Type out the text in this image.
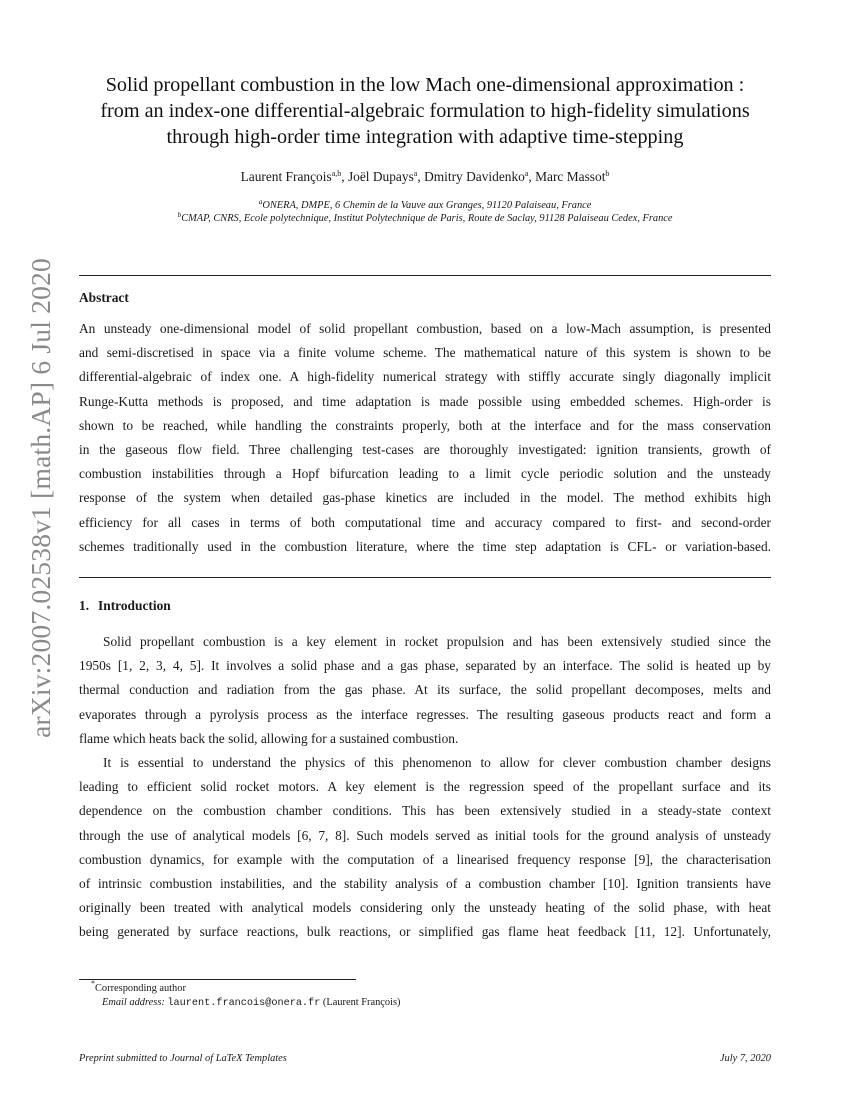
arXiv:2007.02538v1 [math.AP] 6 Jul 2020
Solid propellant combustion in the low Mach one-dimensional approximation :
from an index-one differential-algebraic formulation to high-fidelity simulations
through high-order time integration with adaptive time-stepping
Laurent François$^{a,b}$, Joël Dupays$^a$, Dmitry Davidenko$^a$, Marc Massot$^b$
$^a$ONERA, DMPE, 6 Chemin de la Vauve aux Granges, 91120 Palaiseau, France
$^b$CMAP, CNRS, Ecole polytechnique, Institut Polytechnique de Paris, Route de Saclay, 91128 Palaiseau Cedex, France
Abstract
An unsteady one-dimensional model of solid propellant combustion, based on a low-Mach assumption, is presented
and semi-discretised in space via a finite volume scheme. The mathematical nature of this system is shown to be
differential-algebraic of index one. A high-fidelity numerical strategy with stiffly accurate singly diagonally implicit
Runge-Kutta methods is proposed, and time adaptation is made possible using embedded schemes. High-order is
shown to be reached, while handling the constraints properly, both at the interface and for the mass conservation
in the gaseous flow field. Three challenging test-cases are thoroughly investigated: ignition transients, growth of
combustion instabilities through a Hopf bifurcation leading to a limit cycle periodic solution and the unsteady
response of the system when detailed gas-phase kinetics are included in the model. The method exhibits high
efficiency for all cases in terms of both computational time and accuracy compared to first- and second-order
schemes traditionally used in the combustion literature, where the time step adaptation is CFL- or variation-based.
1. Introduction
Solid propellant combustion is a key element in rocket propulsion and has been extensively studied since the
1950s [1, 2, 3, 4, 5]. It involves a solid phase and a gas phase, separated by an interface. The solid is heated up by
thermal conduction and radiation from the gas phase. At its surface, the solid propellant decomposes, melts and
evaporates through a pyrolysis process as the interface regresses. The resulting gaseous products react and form a
flame which heats back the solid, allowing for a sustained combustion.
It is essential to understand the physics of this phenomenon to allow for clever combustion chamber designs
leading to efficient solid rocket motors. A key element is the regression speed of the propellant surface and its
dependence on the combustion chamber conditions. This has been extensively studied in a steady-state context
through the use of analytical models [6, 7, 8]. Such models served as initial tools for the ground analysis of unsteady
combustion dynamics, for example with the computation of a linearised frequency response [9], the characterisation
of intrinsic combustion instabilities, and the stability analysis of a combustion chamber [10]. Ignition transients have
originally been treated with analytical models considering only the unsteady heating of the solid phase, with heat
being generated by surface reactions, bulk reactions, or simplified gas flame heat feedback [11, 12]. Unfortunately,
*Corresponding author
Email address: laurent.francois@onera.fr (Laurent François)
Preprint submitted to Journal of LaTeX Templates	July 7, 2020
